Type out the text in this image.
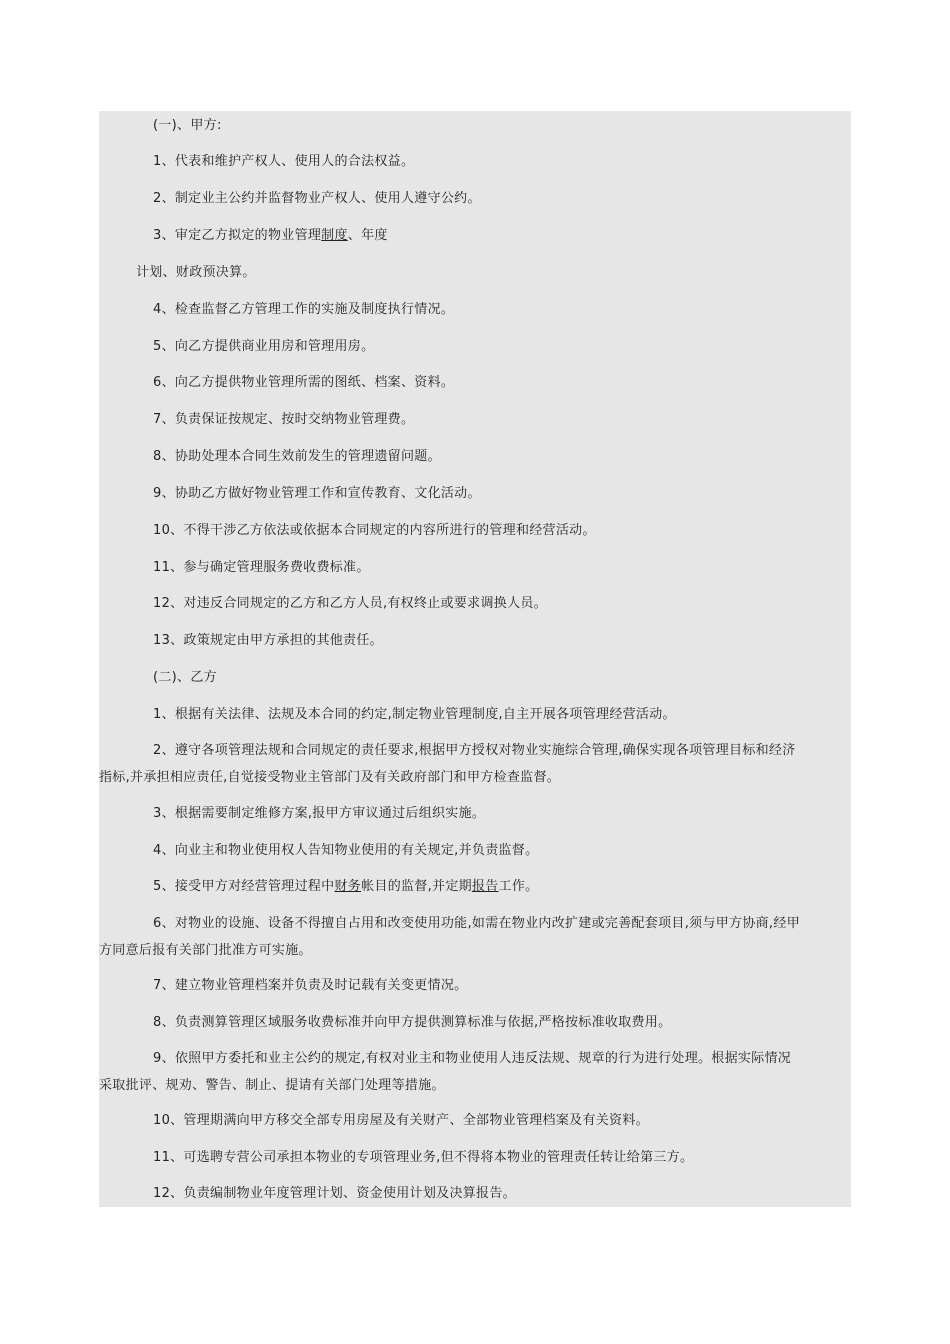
(一)、甲方:

1、代表和维护产权人、使用人的合法权益。

2、制定业主公约并监督物业产权人、使用人遵守公约。

3、审定乙方拟定的物业管理制度、年度

计划、财政预决算。

4、检查监督乙方管理工作的实施及制度执行情况。

5、向乙方提供商业用房和管理用房。

6、向乙方提供物业管理所需的图纸、档案、资料。

7、负责保证按规定、按时交纳物业管理费。

8、协助处理本合同生效前发生的管理遗留问题。

9、协助乙方做好物业管理工作和宣传教育、文化活动。

10、不得干涉乙方依法或依据本合同规定的内容所进行的管理和经营活动。

11、参与确定管理服务费收费标准。

12、对违反合同规定的乙方和乙方人员,有权终止或要求调换人员。

13、政策规定由甲方承担的其他责任。

(二)、乙方

1、根据有关法律、法规及本合同的约定,制定物业管理制度,自主开展各项管理经营活动。

2、遵守各项管理法规和合同规定的责任要求,根据甲方授权对物业实施综合管理,确保实现各项管理目标和经济
指标,并承担相应责任,自觉接受物业主管部门及有关政府部门和甲方检查监督。

3、根据需要制定维修方案,报甲方审议通过后组织实施。

4、向业主和物业使用权人告知物业使用的有关规定,并负责监督。

5、接受甲方对经营管理过程中财务帐目的监督,并定期报告工作。

6、对物业的设施、设备不得擅自占用和改变使用功能,如需在物业内改扩建或完善配套项目,须与甲方协商,经甲
方同意后报有关部门批准方可实施。

7、建立物业管理档案并负责及时记载有关变更情况。

8、负责测算管理区域服务收费标准并向甲方提供测算标准与依据,严格按标准收取费用。

9、依照甲方委托和业主公约的规定,有权对业主和物业使用人违反法规、规章的行为进行处理。根据实际情况
采取批评、规劝、警告、制止、提请有关部门处理等措施。

10、管理期满向甲方移交全部专用房屋及有关财产、全部物业管理档案及有关资料。

11、可选聘专营公司承担本物业的专项管理业务,但不得将本物业的管理责任转让给第三方。

12、负责编制物业年度管理计划、资金使用计划及决算报告。
